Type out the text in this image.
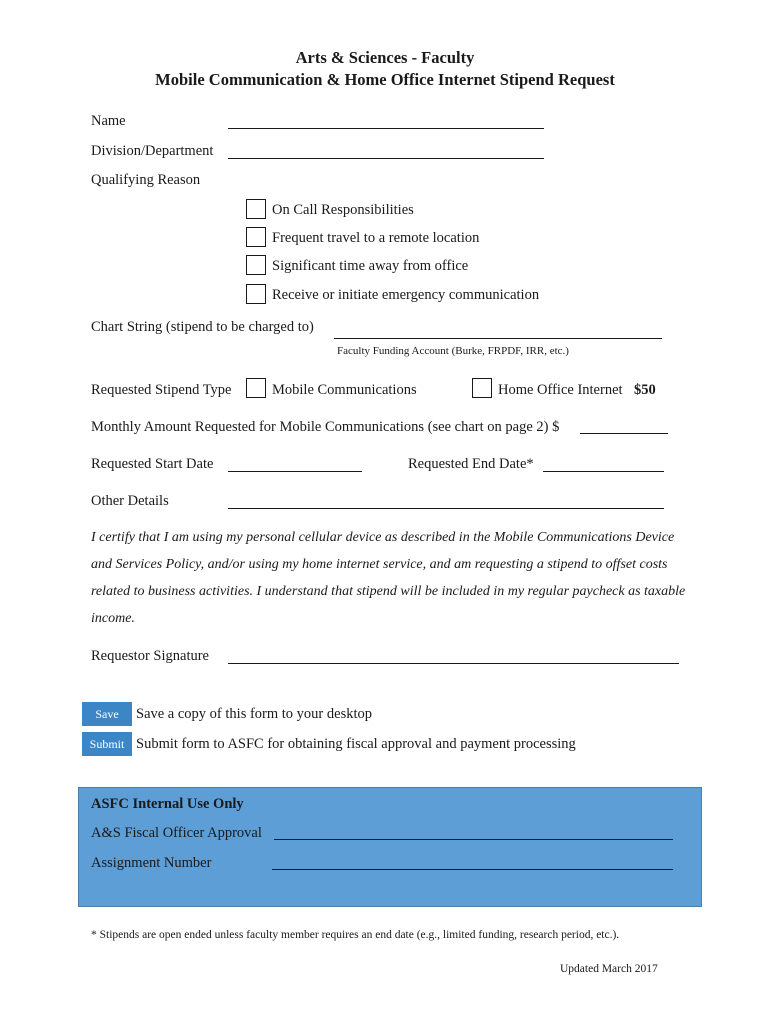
Arts & Sciences - Faculty
Mobile Communication & Home Office Internet Stipend Request
Name
Division/Department
Qualifying Reason
On Call Responsibilities
Frequent travel to a remote location
Significant time away from office
Receive or initiate emergency communication
Chart String (stipend to be charged to)
Faculty Funding Account (Burke, FRPDF, IRR, etc.)
Requested Stipend Type	Mobile Communications	Home Office Internet $50
Monthly Amount Requested for Mobile Communications (see chart on page 2) $
Requested Start Date	Requested End Date*
Other Details
I certify that I am using my personal cellular device as described in the Mobile Communications Device and Services Policy, and/or using my home internet service, and am requesting a stipend to offset costs related to business activities. I understand that stipend will be included in my regular paycheck as taxable income.
Requestor Signature
Save	Save a copy of this form to your desktop
Submit Submit form to ASFC for obtaining fiscal approval and payment processing
ASFC Internal Use Only
A&S Fiscal Officer Approval
Assignment Number
* Stipends are open ended unless faculty member requires an end date (e.g., limited funding, research period, etc.).
Updated March 2017
